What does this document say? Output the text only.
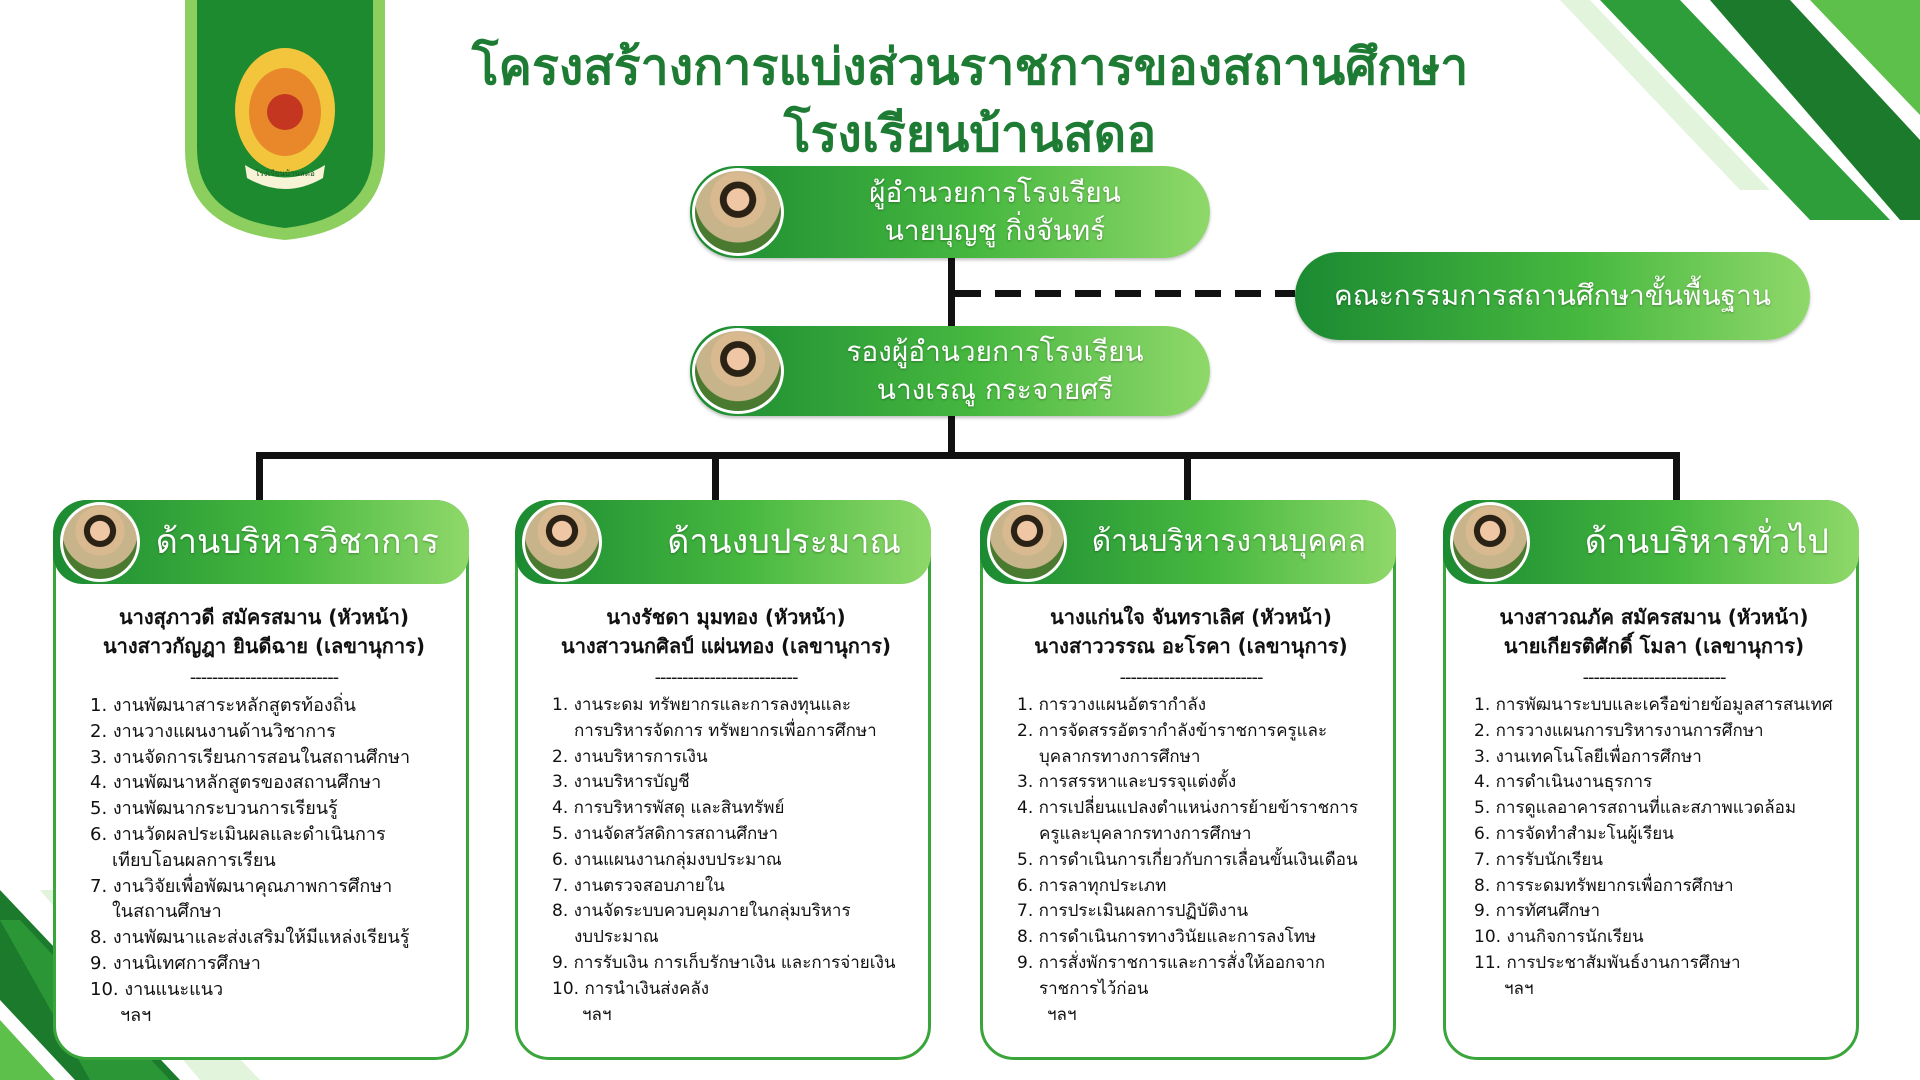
โรงเรียนบ้านสดอ
โครงสร้างการแบ่งส่วนราชการของสถานศึกษา
โรงเรียนบ้านสดอ
ผู้อำนวยการโรงเรียน
นายบุญชู กิ่งจันทร์
คณะกรรมการสถานศึกษาขั้นพื้นฐาน
รองผู้อำนวยการโรงเรียน
นางเรณู กระจายศรี
ด้านบริหารวิชาการ
นางสุภาวดี สมัครสมาน (หัวหน้า)
นางสาวกัญฎา ยินดีฉาย (เลขานุการ)
---------------------------
1. งานพัฒนาสาระหลักสูตรท้องถิ่น
2. งานวางแผนงานด้านวิชาการ
3. งานจัดการเรียนการสอนในสถานศึกษา
4. งานพัฒนาหลักสูตรของสถานศึกษา
5. งานพัฒนากระบวนการเรียนรู้
6. งานวัดผลประเมินผลและดำเนินการ
เทียบโอนผลการเรียน
7. งานวิจัยเพื่อพัฒนาคุณภาพการศึกษา
ในสถานศึกษา
8. งานพัฒนาและส่งเสริมให้มีแหล่งเรียนรู้
9. งานนิเทศการศึกษา
10. งานแนะแนว
ฯลฯ
ด้านงบประมาณ
นางรัชดา มุมทอง (หัวหน้า)
นางสาวนกศิลป์ แผ่นทอง (เลขานุการ)
--------------------------
1. งานระดม ทรัพยากรและการลงทุนและ
การบริหารจัดการ ทรัพยากรเพื่อการศึกษา
2. งานบริหารการเงิน
3. งานบริหารบัญชี
4. การบริหารพัสดุ และสินทรัพย์
5. งานจัดสวัสดิการสถานศึกษา
6. งานแผนงานกลุ่มงบประมาณ
7. งานตรวจสอบภายใน
8. งานจัดระบบควบคุมภายในกลุ่มบริหาร
งบประมาณ
9. การรับเงิน การเก็บรักษาเงิน และการจ่ายเงิน
10. การนำเงินส่งคลัง
ฯลฯ
ด้านบริหารงานบุคคล
นางแก่นใจ จันทราเลิศ (หัวหน้า)
นางสาววรรณ อะโรคา (เลขานุการ)
--------------------------
1. การวางแผนอัตรากำลัง
2. การจัดสรรอัตรากำลังข้าราชการครูและ
บุคลากรทางการศึกษา
3. การสรรหาและบรรจุแต่งตั้ง
4. การเปลี่ยนแปลงตำแหน่งการย้ายข้าราชการ
ครูและบุคลากรทางการศึกษา
5. การดำเนินการเกี่ยวกับการเลื่อนขั้นเงินเดือน
6. การลาทุกประเภท
7. การประเมินผลการปฏิบัติงาน
8. การดำเนินการทางวินัยและการลงโทษ
9. การสั่งพักราชการและการสั่งให้ออกจาก
ราชการไว้ก่อน
ฯลฯ
ด้านบริหารทั่วไป
นางสาวณภัค สมัครสมาน (หัวหน้า)
นายเกียรติศักดิ์ โมลา (เลขานุการ)
--------------------------
1. การพัฒนาระบบและเครือข่ายข้อมูลสารสนเทศ
2. การวางแผนการบริหารงานการศึกษา
3. งานเทคโนโลยีเพื่อการศึกษา
4. การดำเนินงานธุรการ
5. การดูแลอาคารสถานที่และสภาพแวดล้อม
6. การจัดทำสำมะโนผู้เรียน
7. การรับนักเรียน
8. การระดมทรัพยากรเพื่อการศึกษา
9. การทัศนศึกษา
10. งานกิจการนักเรียน
11. การประชาสัมพันธ์งานการศึกษา
ฯลฯ
